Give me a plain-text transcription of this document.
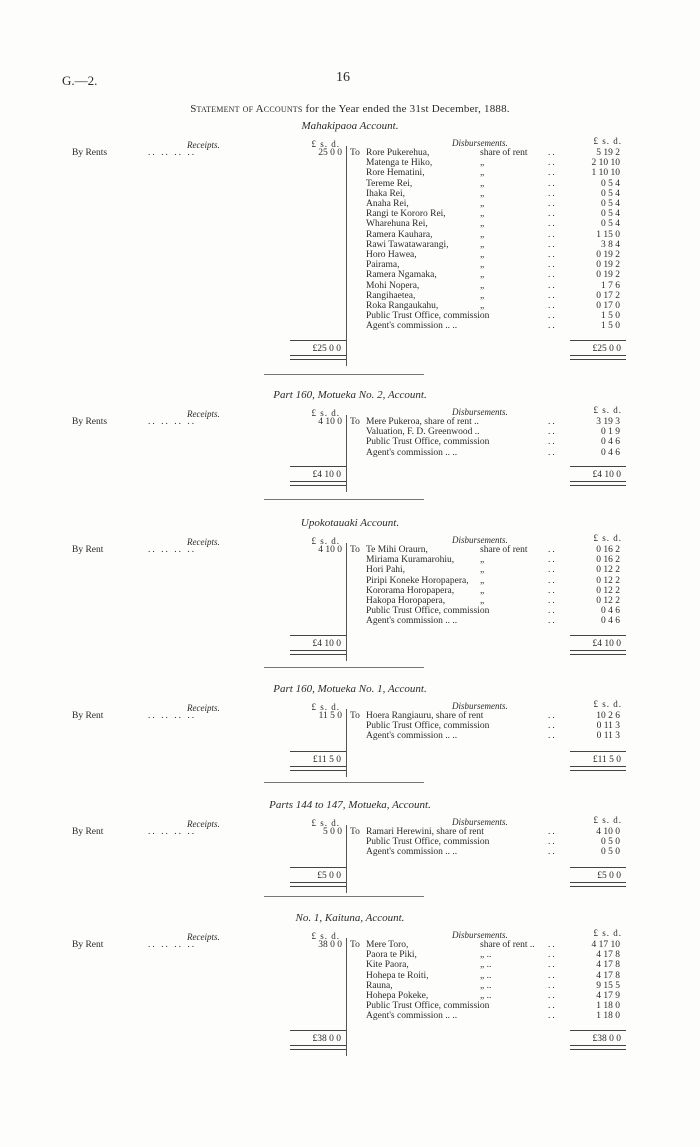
G.—2.	16
Statement of Accounts for the Year ended the 31st December, 1888.
Mahakipaoa Account.
Receipts.	£ s. d.	Disbursements.	£ s. d.
By Rents	.. .. .. ..	25 0 0 To Rore Pukerehua,	share of rent ..	5 19 2
Matenga te Hiko,	„	..	2 10 10
Rore Hematini,	„	..	1 10 10
Tereme Rei,	„	..	0 5 4
Ihaka Rei,	„	..	0 5 4
Anaha Rei,	„	..	0 5 4
Rangi te Kororo Rei,	„	..	0 5 4
Wharehuna Rei,	„	..	0 5 4
Ramera Kauhara,	„	..	1 15 0
Rawi Tawatawarangi,	„	..	3 8 4
Horo Hawea,	„	..	0 19 2
Pairama,	„	..	0 19 2
Ramera Ngamaka,	„	..	0 19 2
Mohi Nopera,	„	..	1 7 6
Rangihaetea,	„	..	0 17 2
Roka Rangaukahu,	„	..	0 17 0
Public Trust Office, commission	..	1 5 0
Agent's commission .. ..	..	1 5 0
£25 0 0	£25 0 0
Part 160, Motueka No. 2, Account.
Receipts.	£ s. d.	Disbursements.	£ s. d.
By Rents	.. .. .. ..	4 10 0 To Mere Pukeroa, share of rent ..	..	3 19 3
Valuation, F. D. Greenwood ..	..	0 1 9
Public Trust Office, commission	..	0 4 6
Agent's commission .. ..	..	0 4 6
£4 10 0	£4 10 0
Upokotauaki Account.
Receipts.	£ s. d.	Disbursements.	£ s. d.
By Rent	.. .. .. ..	4 10 0 To Te Mihi Oraurn,	share of rent ..	0 16 2
Miriama Kuramarohiu,	„	..	0 16 2
Hori Pahi,	„	..	0 12 2
Piripi Koneke Horopapera, „	..	0 12 2
Kororama Horopapera,	„	..	0 12 2
Hakopa Horopapera,	„	..	0 12 2
Public Trust Office, commission	..	0 4 6
Agent's commission .. ..	..	0 4 6
£4 10 0	£4 10 0
Part 160, Motueka No. 1, Account.
Receipts.	£ s. d.	Disbursements.	£ s. d.
By Rent	.. .. .. ..	11 5 0 To Hoera Rangiauru, share of rent	..	10 2 6
Public Trust Office, commission	..	0 11 3
Agent's commission .. ..	..	0 11 3
£11 5 0	£11 5 0
Parts 144 to 147, Motueka, Account.
Receipts.	£ s. d.	Disbursements.	£ s. d.
By Rent	.. .. .. ..	5 0 0 To Ramari Herewini, share of rent	..	4 10 0
Public Trust Office, commission	..	0 5 0
Agent's commission .. ..	..	0 5 0
£5 0 0	£5 0 0
No. 1, Kaituna, Account.
Receipts.	£ s. d.	Disbursements.	£ s. d.
By Rent	.. .. .. ..	38 0 0 To Mere Toro,	share of rent .. ..	4 17 10
Paora te Piki,	„ ..	..	4 17 8
Kite Paora,	„ ..	..	4 17 8
Hohepa te Roiti,	„ ..	..	4 17 8
Rauna,	„ ..	..	9 15 5
Hohepa Pokeke,	„ ..	..	4 17 9
Public Trust Office, commission	..	1 18 0
Agent's commission .. ..	..	1 18 0
£38 0 0	£38 0 0
